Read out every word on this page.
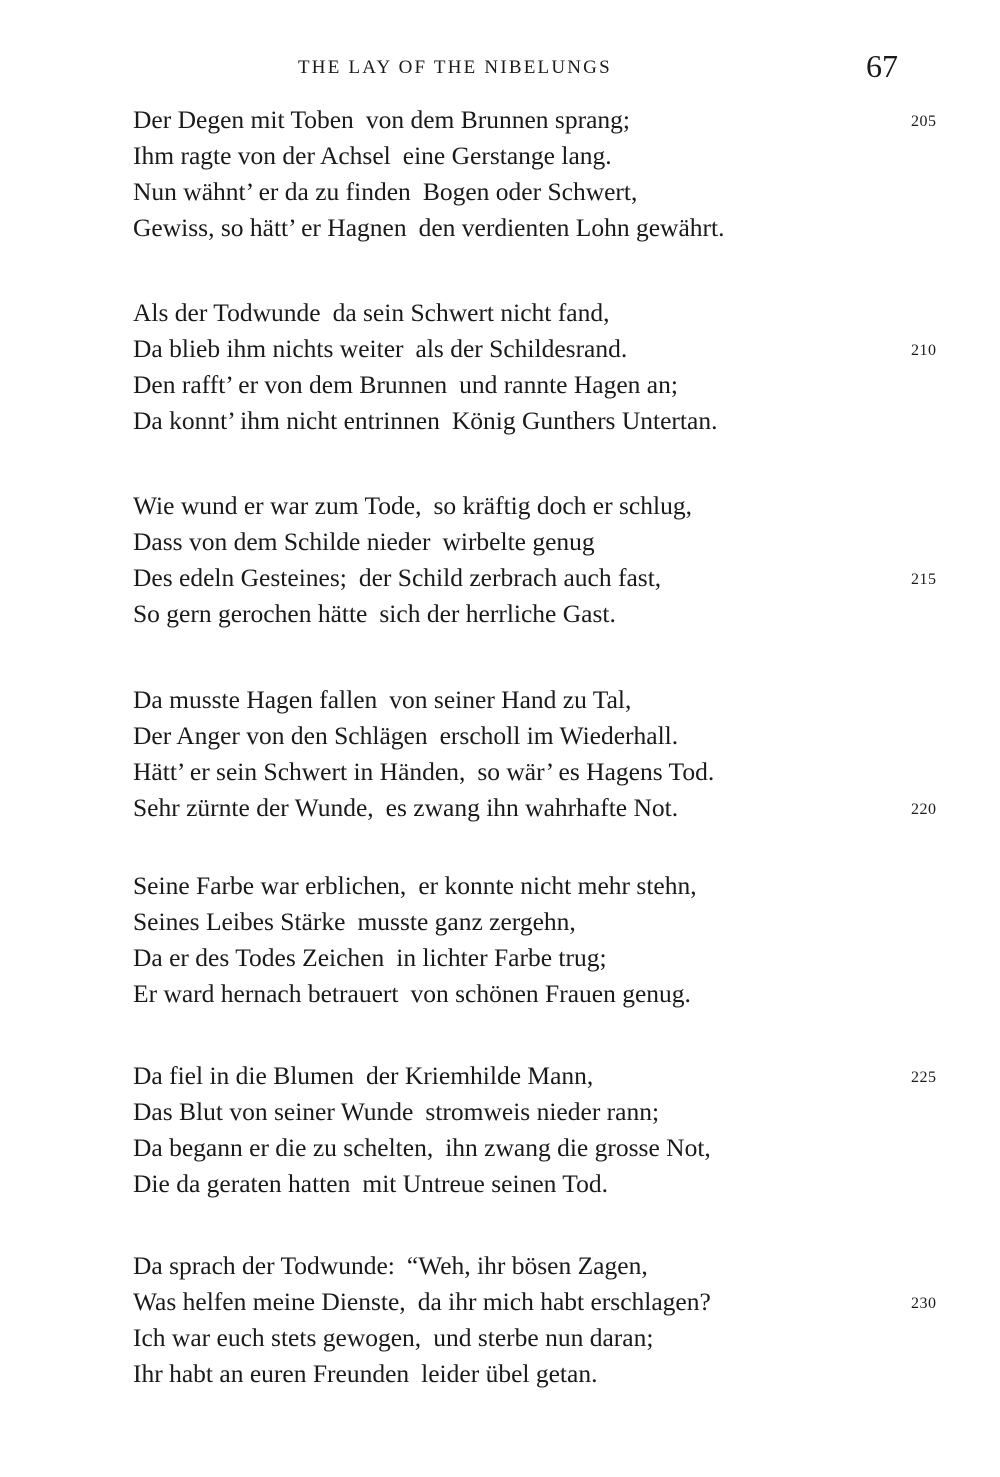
THE LAY OF THE NIBELUNGS	67
Der Degen mit Toben von dem Brunnen sprang;	205
Ihm ragte von der Achsel eine Gerstange lang.
Nun wähnt’ er da zu finden Bogen oder Schwert,
Gewiss, so hätt’ er Hagnen den verdienten Lohn gewährt.
Als der Todwunde da sein Schwert nicht fand,
Da blieb ihm nichts weiter als der Schildesrand.	210
Den rafft’ er von dem Brunnen und rannte Hagen an;
Da konnt’ ihm nicht entrinnen König Gunthers Untertan.
Wie wund er war zum Tode, so kräftig doch er schlug,
Dass von dem Schilde nieder wirbelte genug
Des edeln Gesteines; der Schild zerbrach auch fast,	215
So gern gerochen hätte sich der herrliche Gast.
Da musste Hagen fallen von seiner Hand zu Tal,
Der Anger von den Schlägen erscholl im Wiederhall.
Hätt’ er sein Schwert in Händen, so wär’ es Hagens Tod.
Sehr zürnte der Wunde, es zwang ihn wahrhafte Not.	220
Seine Farbe war erblichen, er konnte nicht mehr stehn,
Seines Leibes Stärke musste ganz zergehn,
Da er des Todes Zeichen in lichter Farbe trug;
Er ward hernach betrauert von schönen Frauen genug.
Da fiel in die Blumen der Kriemhilde Mann,	225
Das Blut von seiner Wunde stromweis nieder rann;
Da begann er die zu schelten, ihn zwang die grosse Not,
Die da geraten hatten mit Untreue seinen Tod.
Da sprach der Todwunde: “Weh, ihr bösen Zagen,
Was helfen meine Dienste, da ihr mich habt erschlagen?	230
Ich war euch stets gewogen, und sterbe nun daran;
Ihr habt an euren Freunden leider übel getan.
